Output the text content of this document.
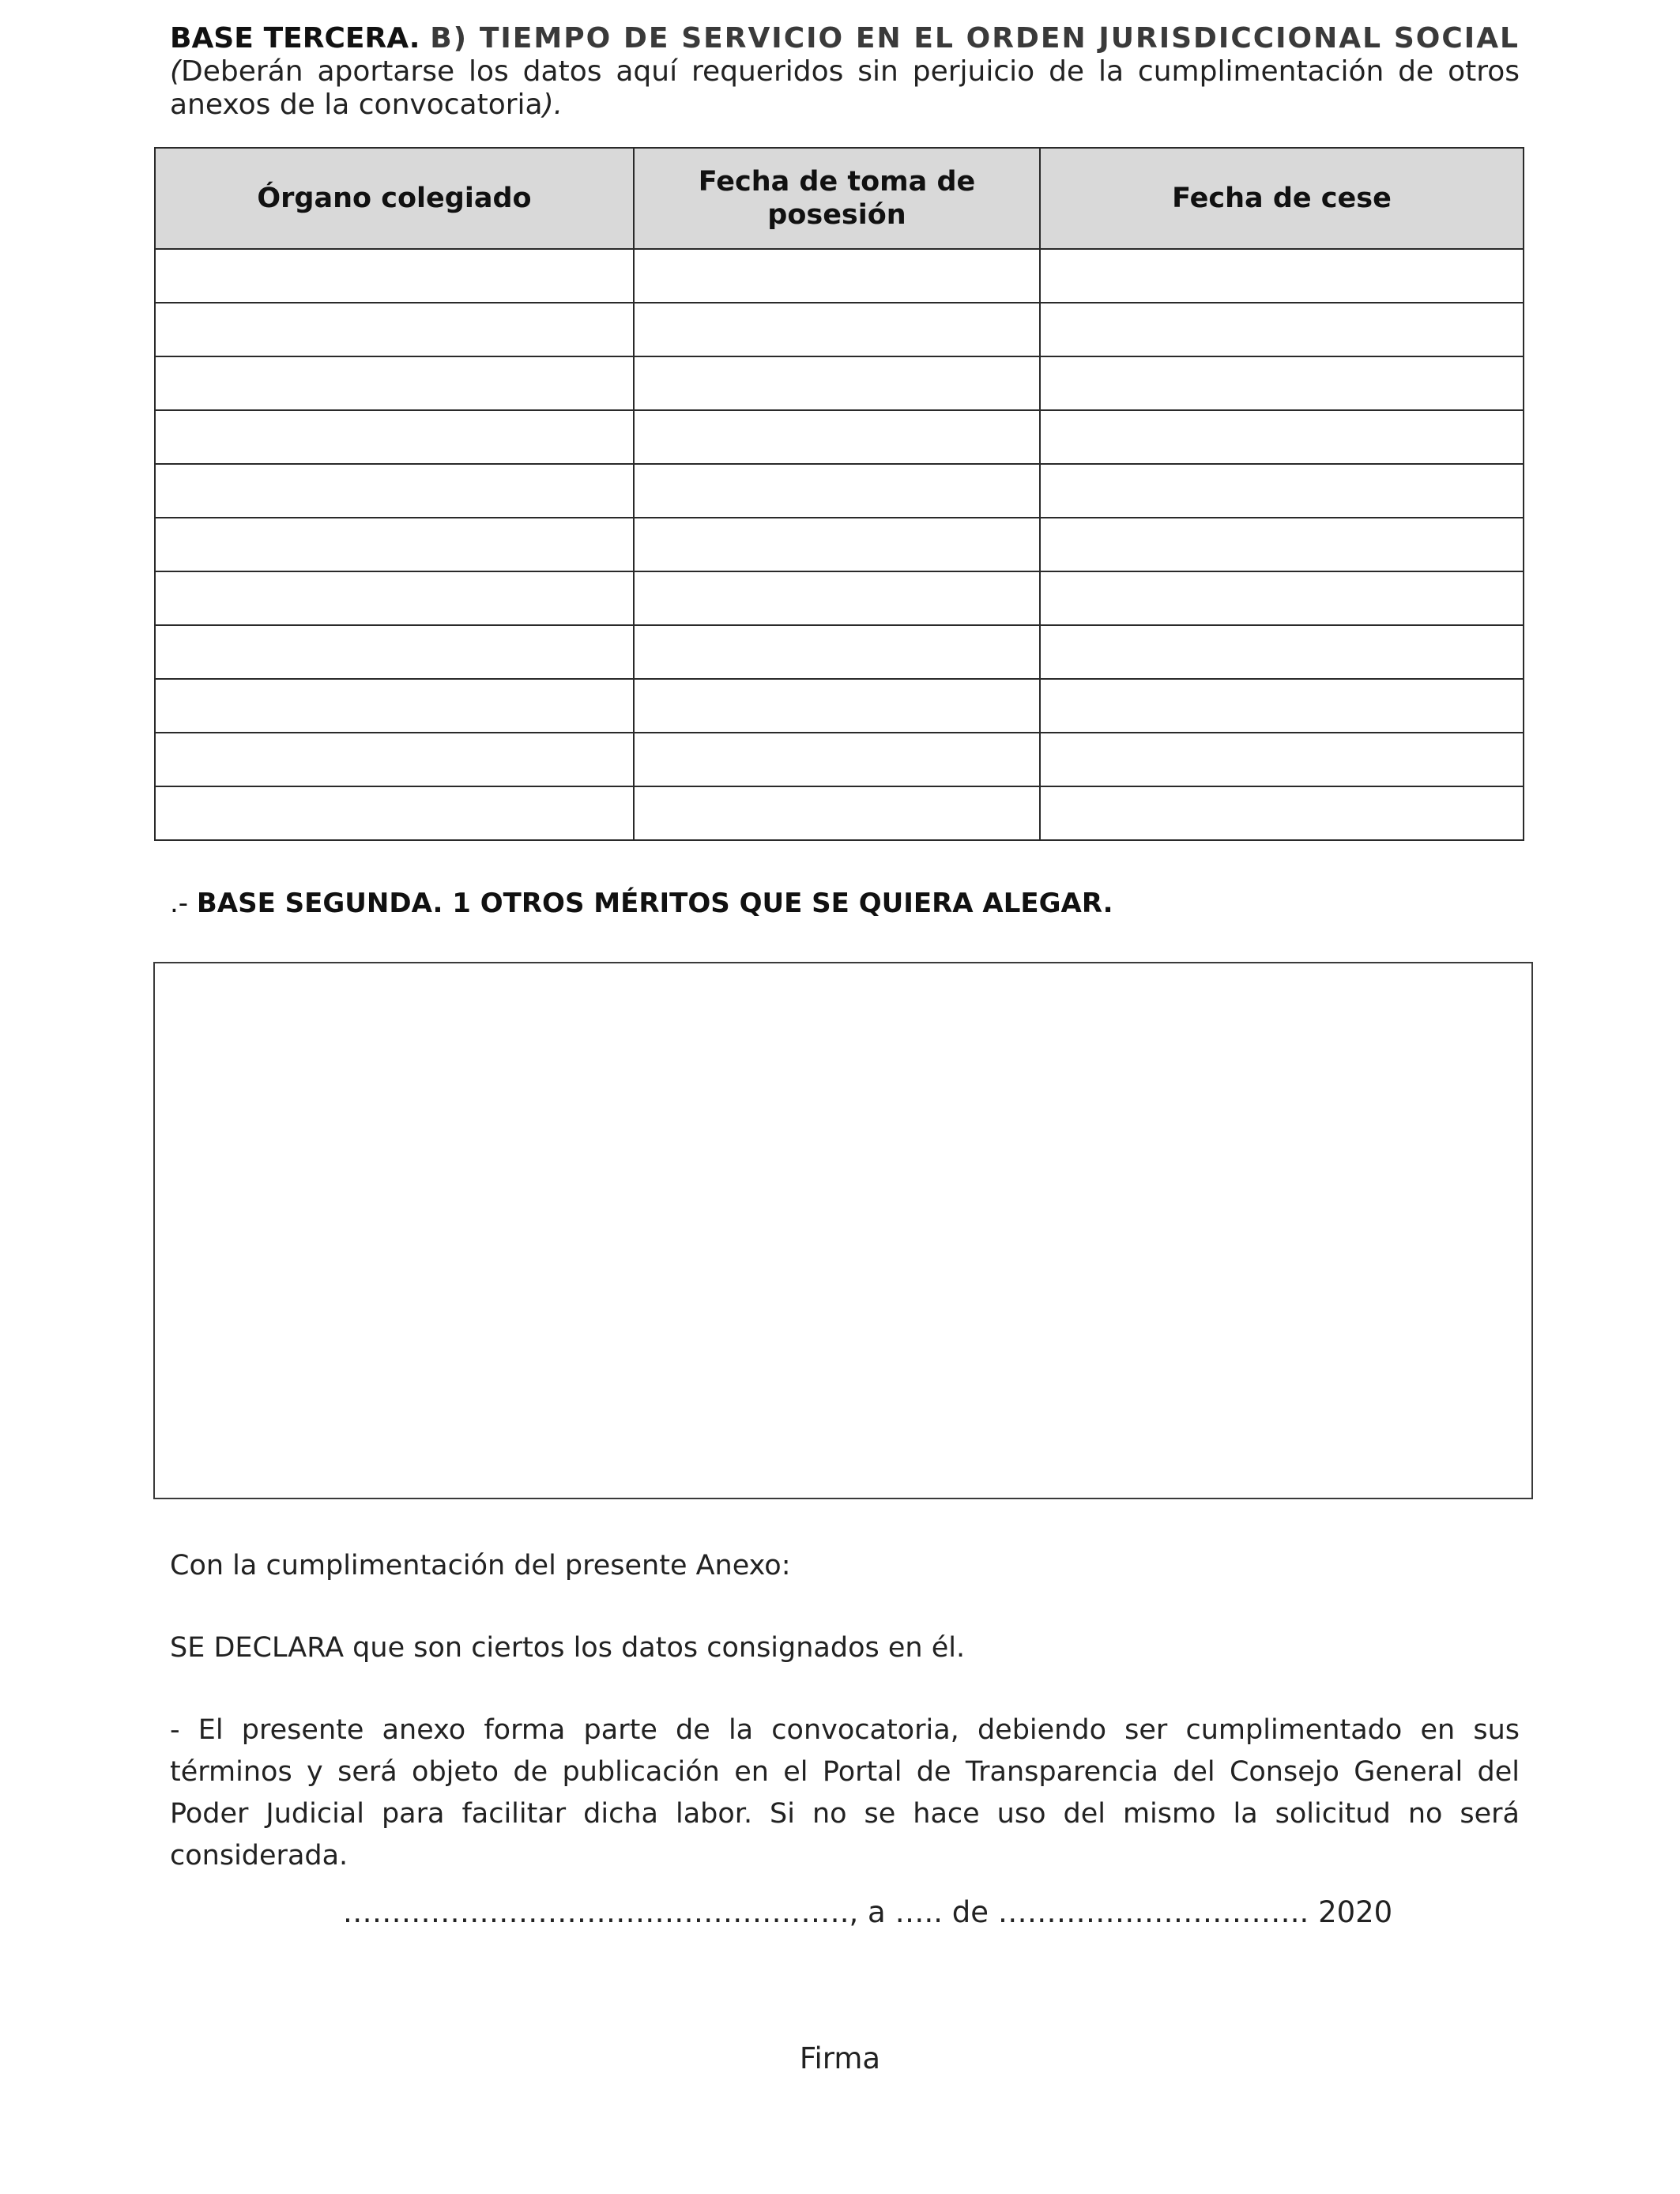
BASE TERCERA. B) TIEMPO DE SERVICIO EN EL ORDEN JURISDICCIONAL SOCIAL
(Deberán aportarse los datos aquí requeridos sin perjuicio de la cumplimentación de otros anexos de la convocatoria).
Órgano colegiado	Fecha de toma de posesión	Fecha de cese

.- BASE SEGUNDA. 1 OTROS MÉRITOS QUE SE QUIERA ALEGAR.
Con la cumplimentación del presente Anexo:
SE DECLARA que son ciertos los datos consignados en él.
- El presente anexo forma parte de la convocatoria, debiendo ser cumplimentado en sus términos y será objeto de publicación en el Portal de Transparencia del Consejo General del Poder Judicial para facilitar dicha labor. Si no se hace uso del mismo la solicitud no será considerada.
……………………………………………., a ….. de ………………………….. 2020
Firma
